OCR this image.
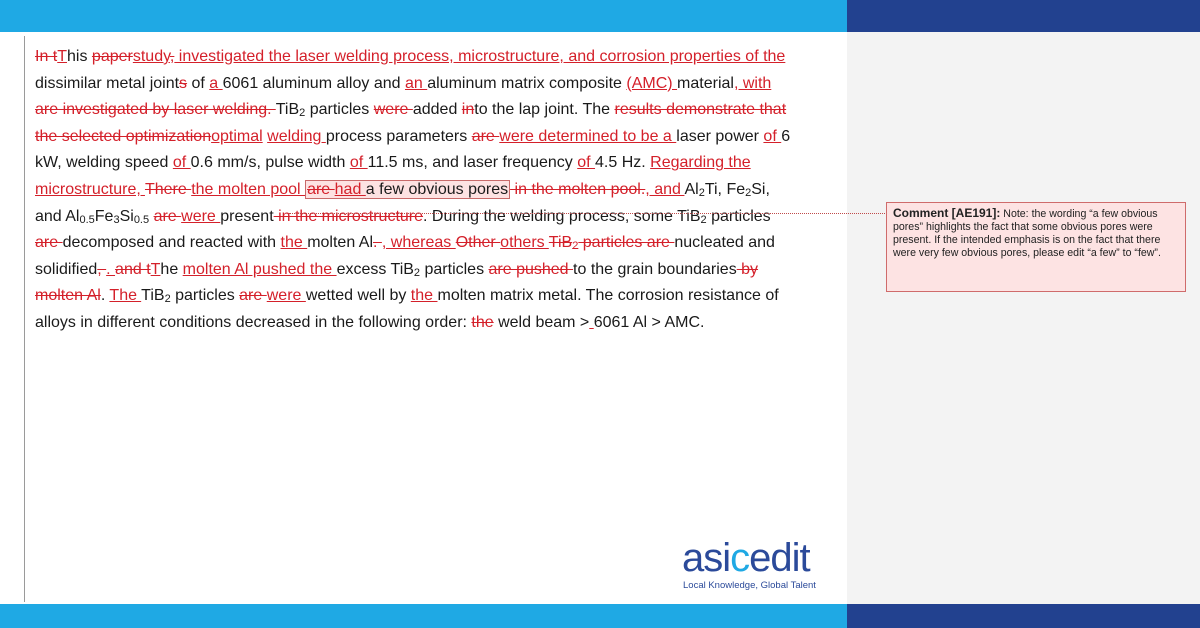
In tThis paperstudy, investigated the laser welding process, microstructure, and corrosion properties of the dissimilar metal joints of a 6061 aluminum alloy and an aluminum matrix composite (AMC) material, with are investigated by laser welding. TiB$_2$ particles were added into the lap joint. The results demonstrate that the selected optimizationoptimal welding process parameters are were determined to be a laser power of 6 kW, welding speed of 0.6 mm/s, pulse width of 11.5 ms, and laser frequency of 4.5 Hz. Regarding the microstructure, There the molten pool are had a few obvious pores in the molten pool., and $Al_2Ti$, $Fe_2Si$, and $Al_{0.5}Fe_3Si_{0.5}$ are were present in the microstructure. During the welding process, some TiB$_2$ particles are decomposed and reacted with the molten Al. , whereas Other others TiB$_2$ particles are nucleated and solidified, . and tThe molten Al pushed the excess TiB$_2$ particles are pushed to the grain boundaries by molten Al. The TiB$_2$ particles are were wetted well by the molten matrix metal. The corrosion resistance of alloys in different conditions decreased in the following order: the weld beam > 6061 Al > AMC.

Comment [AE191]: Note: the wording “a few obvious pores” highlights the fact that some obvious pores were present. If the intended emphasis is on the fact that there were very few obvious pores, please edit “a few” to “few”.
asicedit
Local Knowledge, Global Talent
